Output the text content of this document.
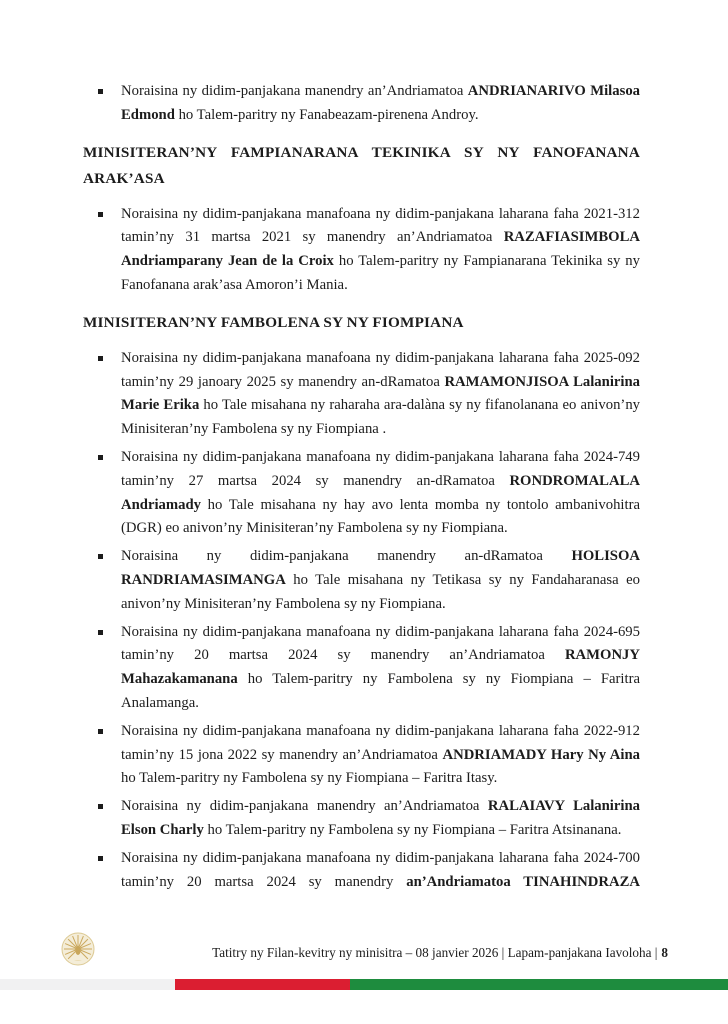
Noraisina ny didim-panjakana manendry an’Andriamatoa ANDRIANARIVO Milasoa Edmond ho Talem-paritry ny Fanabeazam-pirenena Androy.
MINISITERAN’NY FAMPIANARANA TEKINIKA SY NY FANOFANANA ARAK’ASA
Noraisina ny didim-panjakana manafoana ny didim-panjakana laharana faha 2021-312 tamin’ny 31 martsa 2021 sy manendry an’Andriamatoa RAZAFIASIMBOLA Andriamparany Jean de la Croix ho Talem-paritry ny Fampianarana Tekinika sy ny Fanofanana arak’asa Amoron’i Mania.
MINISITERAN’NY FAMBOLENA SY NY FIOMPIANA
Noraisina ny didim-panjakana manafoana ny didim-panjakana laharana faha 2025-092 tamin’ny 29 janoary 2025 sy manendry an-dRamatoa RAMAMONJISOA Lalanirina Marie Erika ho Tale misahana ny raharaha ara-dalàna sy ny fifanolanana eo anivon’ny Minisiteran’ny Fambolena sy ny Fiompiana .
Noraisina ny didim-panjakana manafoana ny didim-panjakana laharana faha 2024-749 tamin’ny 27 martsa 2024 sy manendry an-dRamatoa RONDROMALALA Andriamady ho Tale misahana ny hay avo lenta momba ny tontolo ambanivohitra (DGR) eo anivon’ny Minisiteran’ny Fambolena sy ny Fiompiana.
Noraisina ny didim-panjakana manendry an-dRamatoa HOLISOA RANDRIAMASIMANGA ho Tale misahana ny Tetikasa sy ny Fandaharanasa eo anivon’ny Minisiteran’ny Fambolena sy ny Fiompiana.
Noraisina ny didim-panjakana manafoana ny didim-panjakana laharana faha 2024-695 tamin’ny 20 martsa 2024 sy manendry an’Andriamatoa RAMONJY Mahazakamanana ho Talem-paritry ny Fambolena sy ny Fiompiana – Faritra Analamanga.
Noraisina ny didim-panjakana manafoana ny didim-panjakana laharana faha 2022-912 tamin’ny 15 jona 2022 sy manendry an’Andriamatoa ANDRIAMADY Hary Ny Aina ho Talem-paritry ny Fambolena sy ny Fiompiana – Faritra Itasy.
Noraisina ny didim-panjakana manendry an’Andriamatoa RALAIAVY Lalanirina Elson Charly ho Talem-paritry ny Fambolena sy ny Fiompiana – Faritra Atsinanana.
Noraisina ny didim-panjakana manafoana ny didim-panjakana laharana faha 2024-700 tamin’ny 20 martsa 2024 sy manendry an’Andriamatoa TINAHINDRAZA
Tatitry ny Filan-kevitry ny minisitra – 08 janvier 2026 | Lapam-panjakana Iavoloha | 8
